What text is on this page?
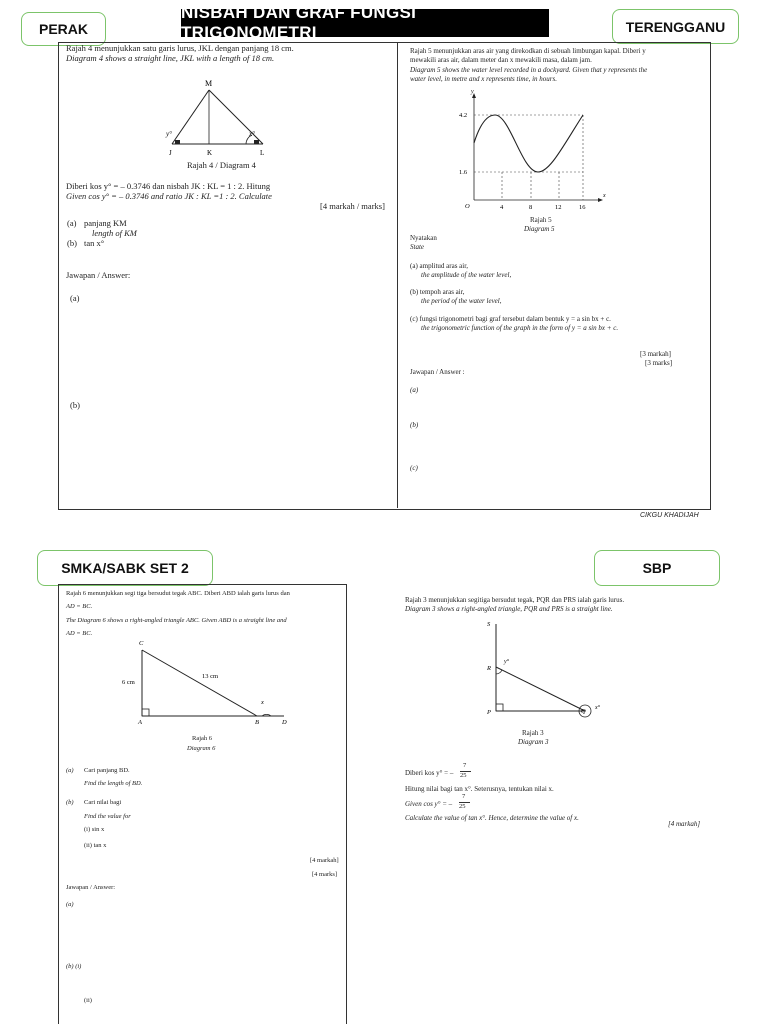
PERAK
NISBAH DAN GRAF FUNGSI TRIGONOMETRI	TERENGGANU
Rajah 4 menunjukkan satu garis lurus, JKL dengan panjang 18 cm.
Diagram 4 shows a straight line, JKL with a length of 18 cm.
M
J	K	L
y°	x°
Rajah 4 / Diagram 4
Diberi kos y° = – 0.3746 dan nisbah JK : KL = 1 : 2. Hitung
Given cos y° = – 0.3746 and ratio JK : KL =1 : 2. Calculate
[4 markah / marks]
(a) panjang KM
length of KM
(b) tan x°
Jawapan / Answer:
(a)
(b)
Rajah 5 menunjukkan aras air yang direkodkan di sebuah limbungan kapal. Diberi y
mewakili aras air, dalam meter dan x mewakili masa, dalam jam.
Diagram 5 shows the water level recorded in a dockyard. Given that y represents the
water level, in metre and x represents time, in hours.
y
x
O
4.2
1.6
4	8	12	16
Rajah 5
Diagram 5
Nyatakan
State
(a) amplitud aras air,
the amplitude of the water level,
(b) tempoh aras air,
the period of the water level,
(c) fungsi trigonometri bagi graf tersebut dalam bentuk y = a sin bx + c.
the trigonometric function of the graph in the form of y = a sin bx + c.
[3 markah]
[3 marks]
Jawapan / Answer :
(a)
(b)
(c)
CIKGU KHADIJAH
SMKA/SABK SET 2	SBP
Rajah 6 menunjukkan segi tiga bersudut tegak ABC. Diberi ABD ialah garis lurus dan
AD = BC.
The Diagram 6 shows a right-angled triangle ABC. Given ABD is a straight line and
AD = BC.
C
A	B	D
x
6 cm
13 cm
Rajah 6
Diagram 6
(a) Cari panjang BD.
Find the length of BD.
(b) Cari nilai bagi
Find the value for
(i) sin x
(ii) tan x
[4 markah]
[4 marks]
Jawapan / Answer:
(a)
(b) (i)
(ii)
Rajah 3 menunjukkan segitiga bersudut tegak, PQR dan PRS ialah garis lurus.
Diagram 3 shows a right-angled triangle, PQR and PRS is a straight line.
S
R
P	Q
y°
x°
Rajah 3
Diagram 3
Diberi kos y° = –
7
25
Hitung nilai bagi tan x°. Seterusnya, tentukan nilai x.
Given cos y° = –
7
25
Calculate the value of tan x°. Hence, determine the value of x.
[4 markah]
